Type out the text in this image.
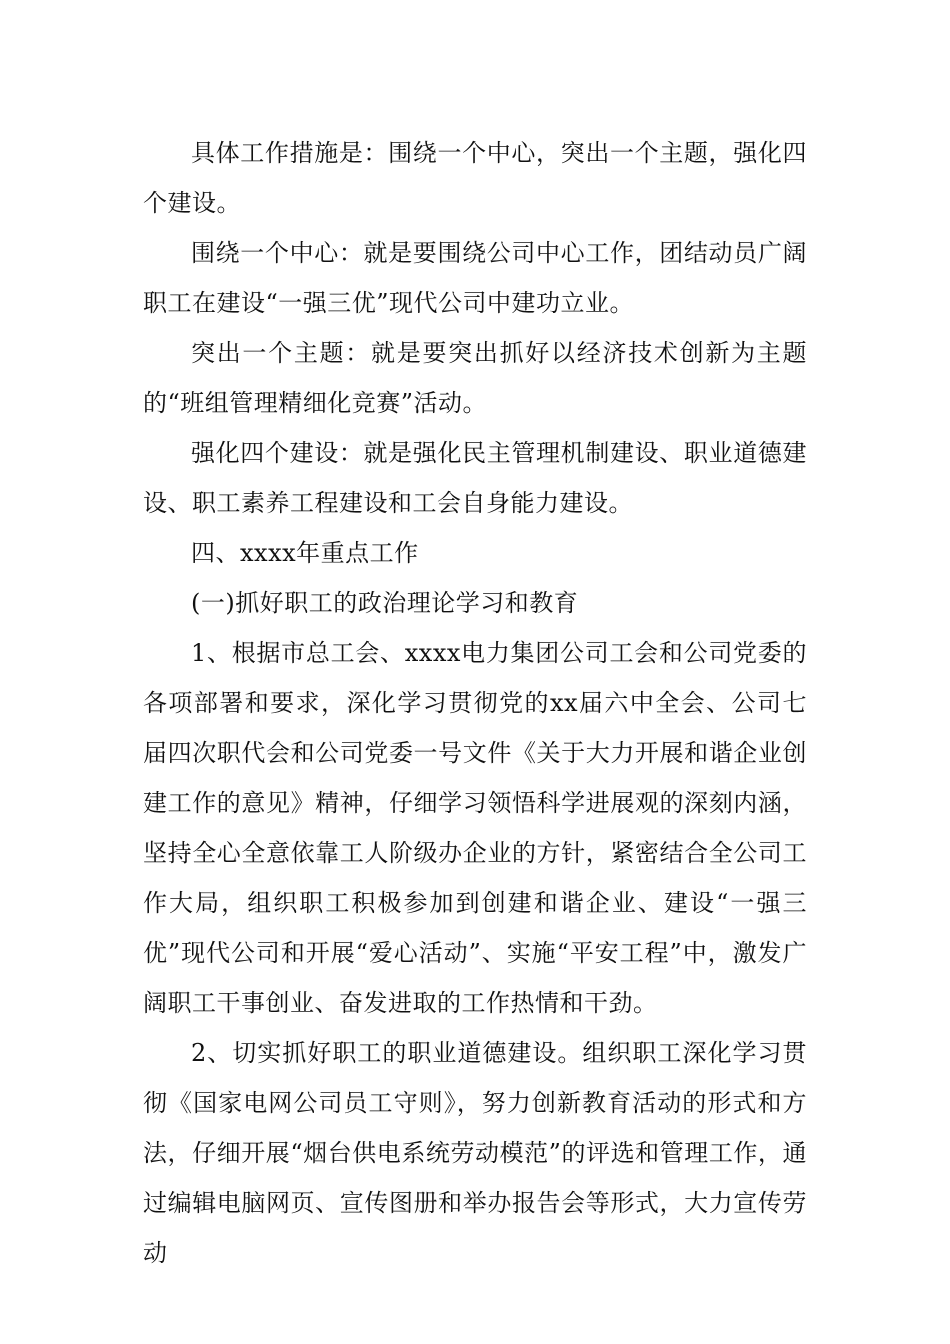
具体工作措施是：围绕一个中心，突出一个主题，强化四个建设。

围绕一个中心：就是要围绕公司中心工作，团结动员广阔职工在建设“一强三优”现代公司中建功立业。

突出一个主题：就是要突出抓好以经济技术创新为主题的“班组管理精细化竞赛”活动。

强化四个建设：就是强化民主管理机制建设、职业道德建设、职工素养工程建设和工会自身能力建设。

四、xxxx年重点工作

(一)抓好职工的政治理论学习和教育

1、根据市总工会、xxxx电力集团公司工会和公司党委的各项部署和要求，深化学习贯彻党的xx届六中全会、公司七届四次职代会和公司党委一号文件《关于大力开展和谐企业创建工作的意见》精神，仔细学习领悟科学进展观的深刻内涵，坚持全心全意依靠工人阶级办企业的方针，紧密结合全公司工作大局，组织职工积极参加到创建和谐企业、建设“一强三优”现代公司和开展“爱心活动”、实施“平安工程”中，激发广阔职工干事创业、奋发进取的工作热情和干劲。

2、切实抓好职工的职业道德建设。组织职工深化学习贯彻《国家电网公司员工守则》，努力创新教育活动的形式和方法，仔细开展“烟台供电系统劳动模范”的评选和管理工作，通过编辑电脑网页、宣传图册和举办报告会等形式，大力宣传劳动
